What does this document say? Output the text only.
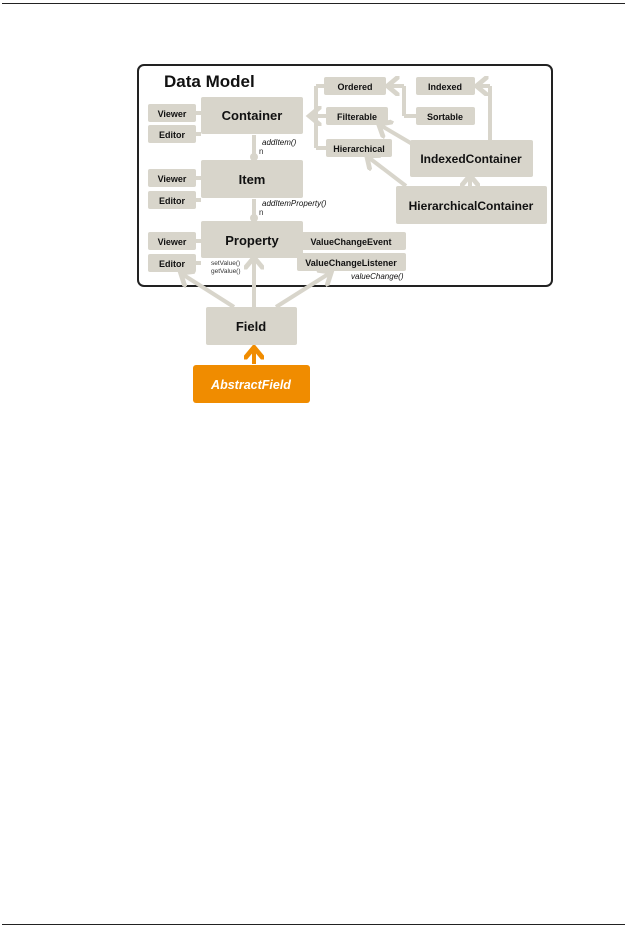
Data Model
Container
Viewer
Editor
addItem()
n
Item
Viewer
Editor	addItemProperty()
n
Property
Viewer
Editor	setValue()
getValue()
ValueChangeEvent
ValueChangeListener
valueChange()
Ordered	Indexed
Filterable	Sortable
Hierarchical
IndexedContainer
HierarchicalContainer
Field
AbstractField
